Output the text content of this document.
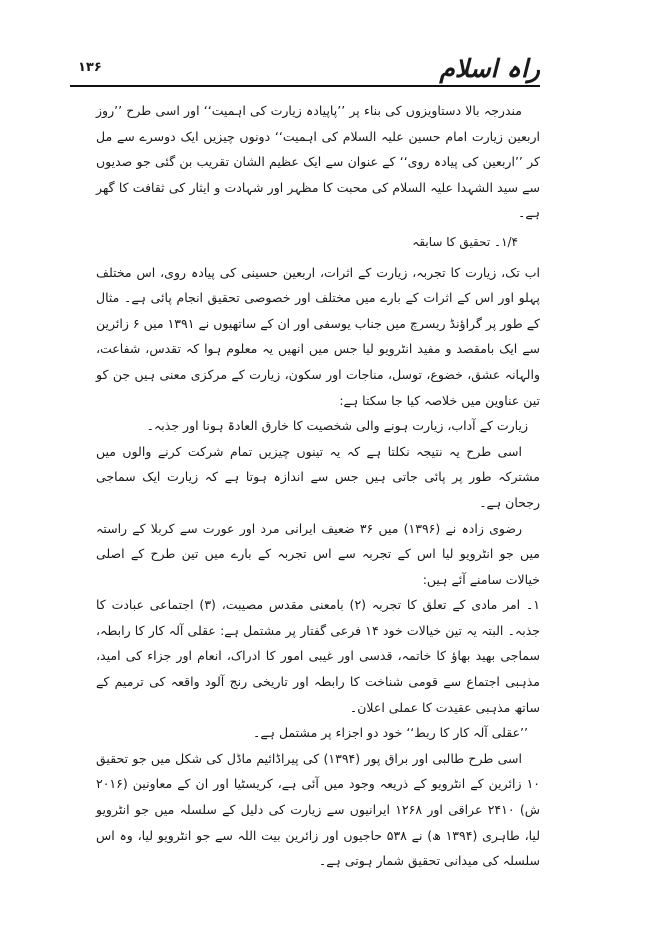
راہ اسلام
۱۳۶

مندرجہ بالا دستاویزوں کی بناء پر ’’پاپیادہ زیارت کی اہمیت‘‘ اور اسی طرح ’’روز اربعین زیارت امام حسین علیہ السلام کی اہمیت‘‘ دونوں چیزیں ایک دوسرے سے مل کر ’’اربعین کی پیادہ روی‘‘ کے عنوان سے ایک عظیم الشان تقریب بن گئی جو صدیوں سے سید الشہدا علیہ السلام کی محبت کا مظہر اور شہادت و ایثار کی ثقافت کا گھر ہے۔

۱/۴۔ تحقیق کا سابقہ

اب تک، زیارت کا تجربہ، زیارت کے اثرات، اربعین حسینی کی پیادہ روی، اس مختلف پہلو اور اس کے اثرات کے بارے میں مختلف اور خصوصی تحقیق انجام پائی ہے۔ مثال کے طور پر گراؤنڈ ریسرچ میں جناب یوسفی اور ان کے ساتھیوں نے ۱۳۹۱ میں ۶ زائرین سے ایک بامقصد و مفید انٹرویو لیا جس میں انھیں یہ معلوم ہوا کہ تقدس، شفاعت، والہانہ عشق، خضوع، توسل، مناجات اور سکون، زیارت کے مرکزی معنی ہیں جن کو تین عناوین میں خلاصہ کیا جا سکتا ہے:

زیارت کے آداب، زیارت ہونے والی شخصیت کا خارق العادۃ ہونا اور جذبہ۔

اسی طرح یہ نتیجہ نکلتا ہے کہ یہ تینوں چیزیں تمام شرکت کرنے والوں میں مشترکہ طور پر پائی جاتی ہیں جس سے اندازہ ہوتا ہے کہ زیارت ایک سماجی رجحان ہے۔

رضوی زادہ نے (۱۳۹۶) میں ۳۶ ضعیف ایرانی مرد اور عورت سے کربلا کے راستہ میں جو انٹرویو لیا اس کے تجربہ سے اس تجربہ کے بارے میں تین طرح کے اصلی خیالات سامنے آئے ہیں:

۱۔ امر مادی کے تعلق کا تجربہ (۲) بامعنی مقدس مصیبت، (۳) اجتماعی عبادت کا جذبہ۔ البتہ یہ تین خیالات خود ۱۴ فرعی گفتار پر مشتمل ہے: عقلی آلہ کار کا رابطہ، سماجی بھید بھاؤ کا خاتمہ، قدسی اور غیبی امور کا ادراک، انعام اور جزاء کی امید، مذہبی اجتماع سے قومی شناخت کا رابطہ اور تاریخی رنج آلود واقعہ کی ترمیم کے ساتھ مذہبی عقیدت کا عملی اعلان۔

’’عقلی آلہ کار کا ربط‘‘ خود دو اجزاء پر مشتمل ہے۔

اسی طرح طالبی اور براق پور (۱۳۹۴) کی پیراڈائیم ماڈل کی شکل میں جو تحقیق ۱۰ زائرین کے انٹرویو کے ذریعہ وجود میں آئی ہے، کریسٹیا اور ان کے معاونین (۲۰۱۶ ش) ۲۴۱۰ عراقی اور ۱۲۶۸ ایرانیوں سے زیارت کی دلیل کے سلسلہ میں جو انٹرویو لیا، طاہری (۱۳۹۴ ھ) نے ۵۳۸ حاجیوں اور زائرین بیت اللہ سے جو انٹرویو لیا، وہ اس سلسلہ کی میدانی تحقیق شمار ہوتی ہے۔
